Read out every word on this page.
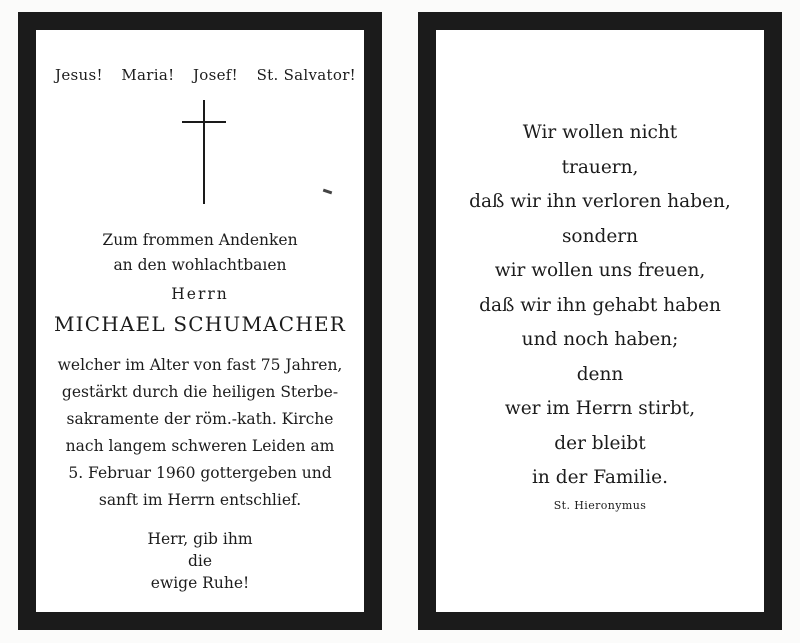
Jesus! Maria! Josef! St. Salvator!
Zum frommen Andenken
an den wohlachtbaıen
Herrn
MICHAEL SCHUMACHER
welcher im Alter von fast 75 Jahren,
gestärkt durch die heiligen Sterbe-
sakramente der röm.-kath. Kirche
nach langem schweren Leiden am
5. Februar 1960 gottergeben und
sanft im Herrn entschlief.
Herr, gib ihm
die
ewige Ruhe!
Wir wollen nicht
trauern,
daß wir ihn verloren haben,
sondern
wir wollen uns freuen,
daß wir ihn gehabt haben
und noch haben;
denn
wer im Herrn stirbt,
der bleibt
in der Familie.
St. Hieronymus
